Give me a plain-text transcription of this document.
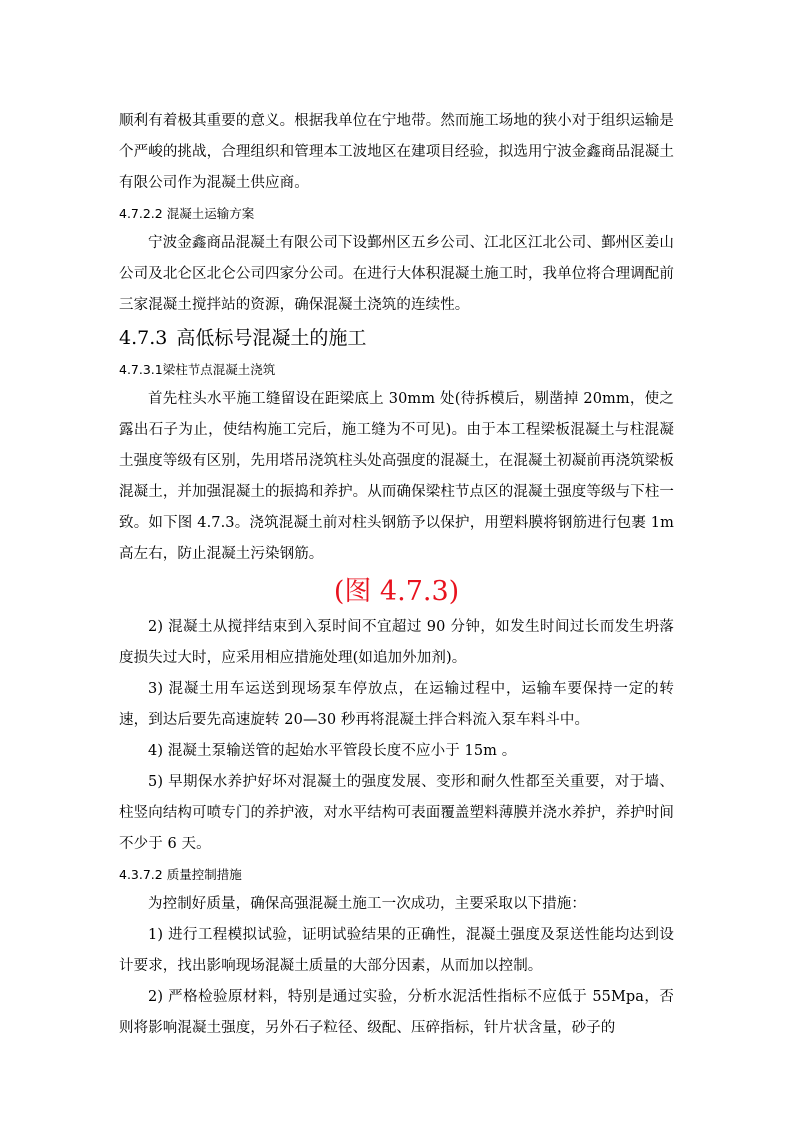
顺利有着极其重要的意义。根据我单位在宁地带。然而施工场地的狭小对于组织运输是个严峻的挑战，合理组织和管理本工波地区在建项目经验，拟选用宁波金鑫商品混凝土有限公司作为混凝土供应商。

4.7.2.2 混凝土运输方案

宁波金鑫商品混凝土有限公司下设鄞州区五乡公司、江北区江北公司、鄞州区姜山公司及北仑区北仑公司四家分公司。在进行大体积混凝土施工时，我单位将合理调配前三家混凝土搅拌站的资源，确保混凝土浇筑的连续性。

4.7.3 高低标号混凝土的施工
4.7.3.1梁柱节点混凝土浇筑

首先柱头水平施工缝留设在距梁底上 30mm 处(待拆模后，剔凿掉 20mm，使之露出石子为止，使结构施工完后，施工缝为不可见)。由于本工程梁板混凝土与柱混凝土强度等级有区别，先用塔吊浇筑柱头处高强度的混凝土，在混凝土初凝前再浇筑梁板混凝土，并加强混凝土的振捣和养护。从而确保梁柱节点区的混凝土强度等级与下柱一致。如下图 4.7.3。浇筑混凝土前对柱头钢筋予以保护，用塑料膜将钢筋进行包裹 1m 高左右，防止混凝土污染钢筋。

(图 4.7.3)

2) 混凝土从搅拌结束到入泵时间不宜超过 90 分钟，如发生时间过长而发生坍落度损失过大时，应采用相应措施处理(如追加外加剂)。

3) 混凝土用车运送到现场泵车停放点，在运输过程中，运输车要保持一定的转速，到达后要先高速旋转 20—30 秒再将混凝土拌合料流入泵车料斗中。

4) 混凝土泵输送管的起始水平管段长度不应小于 15m 。

5) 早期保水养护好坏对混凝土的强度发展、变形和耐久性都至关重要，对于墙、柱竖向结构可喷专门的养护液，对水平结构可表面覆盖塑料薄膜并浇水养护，养护时间不少于 6 天。

4.3.7.2 质量控制措施

为控制好质量，确保高强混凝土施工一次成功，主要采取以下措施：

1) 进行工程模拟试验，证明试验结果的正确性，混凝土强度及泵送性能均达到设计要求，找出影响现场混凝土质量的大部分因素，从而加以控制。

2) 严格检验原材料，特别是通过实验，分析水泥活性指标不应低于 55Mpa，否则将影响混凝土强度，另外石子粒径、级配、压碎指标，针片状含量，砂子的
